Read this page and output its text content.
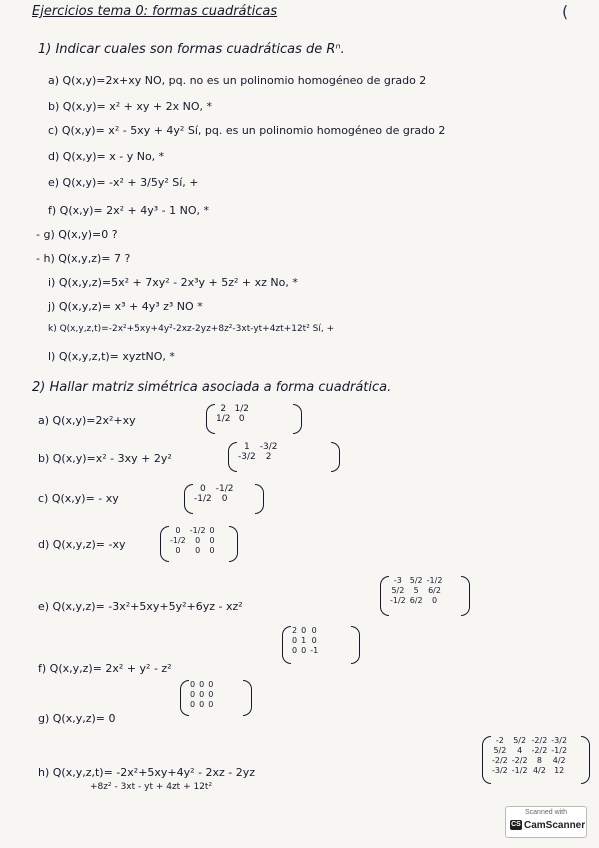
Ejercicios tema 0: formas cuadráticas	(
1) Indicar cuales son formas cuadráticas de Rⁿ.
a) Q(x,y)=2x+xy NO, pq. no es un polinomio homogéneo de grado 2
b) Q(x,y)= x² + xy + 2x NO, *
c) Q(x,y)= x² - 5xy + 4y² Sí, pq. es un polinomio homogéneo de grado 2
d) Q(x,y)= x - y No, *
e) Q(x,y)= -x² + 3/5y² Sí, +
f) Q(x,y)= 2x² + 4y³ - 1 NO, *
- g) Q(x,y)=0 ?
- h) Q(x,y,z)= 7 ?
i) Q(x,y,z)=5x² + 7xy² - 2x³y + 5z² + xz No, *
j) Q(x,y,z)= x³ + 4y³ z³ NO *
k) Q(x,y,z,t)=-2x²+5xy+4y²-2xz-2yz+8z²-3xt-yt+4zt+12t² Sí, +
l) Q(x,y,z,t)= xyztNO, *
2) Hallar matriz simétrica asociada a forma cuadrática.
a) Q(x,y)=2x²+xy
2	1/2
1/2	0
b) Q(x,y)=x² - 3xy + 2y²
1	-3/2
-3/2	2
c) Q(x,y)= - xy
0	-1/2
-1/2	0
d) Q(x,y,z)= -xy
0	-1/2	0
-1/2	0	0
0	0	0
e) Q(x,y,z)= -3x²+5xy+5y²+6yz - xz²
-3	5/2	-1/2
5/2	5	6/2
-1/2	6/2	0
f) Q(x,y,z)= 2x² + y² - z²
2	0	0
0	1	0
0	0	-1
g) Q(x,y,z)= 0
0	0	0
0	0	0
0	0	0
h) Q(x,y,z,t)= -2x²+5xy+4y² - 2xz - 2yz
+8z² - 3xt - yt + 4zt + 12t²
-2	5/2	-2/2	-3/2
5/2	4	-2/2	-1/2
-2/2	-2/2	8	4/2
-3/2	-1/2	4/2	12
Scanned with
CS CamScanner
